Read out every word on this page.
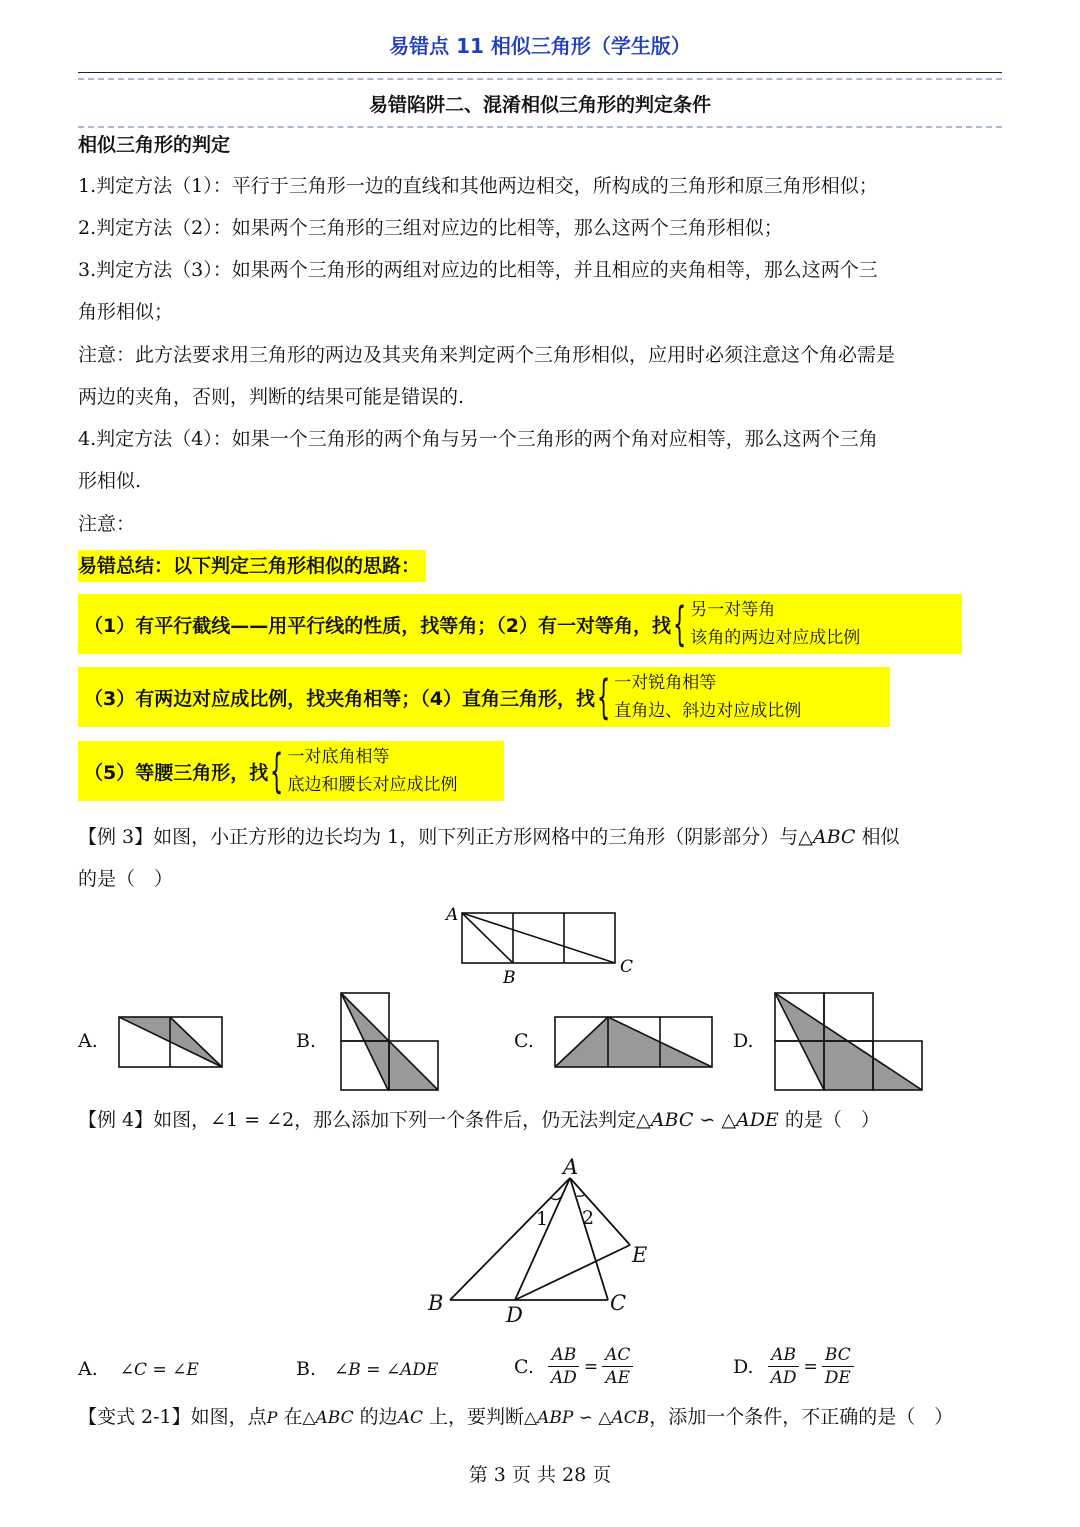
易错点 11 相似三角形（学生版）
易错陷阱二、混淆相似三角形的判定条件
相似三角形的判定
1.判定方法（1）：平行于三角形一边的直线和其他两边相交，所构成的三角形和原三角形相似；
2.判定方法（2）：如果两个三角形的三组对应边的比相等，那么这两个三角形相似；
3.判定方法（3）：如果两个三角形的两组对应边的比相等，并且相应的夹角相等，那么这两个三
角形相似；
注意：此方法要求用三角形的两边及其夹角来判定两个三角形相似，应用时必须注意这个角必需是
两边的夹角，否则，判断的结果可能是错误的.
4.判定方法（4）：如果一个三角形的两个角与另一个三角形的两个角对应相等，那么这两个三角
形相似.
注意：
易错总结：以下判定三角形相似的思路：
（1）有平行截线——用平行线的性质，找等角；（2）有一对等角，找 { 另一对等角
该角的两边对应成比例
（3）有两边对应成比例，找夹角相等；（4）直角三角形，找 { 一对锐角相等
直角边、斜边对应成比例
（5）等腰三角形，找 { 一对底角相等
底边和腰长对应成比例
【例 3】如图，小正方形的边长均为 1，则下列正方形网格中的三角形（阴影部分）与△ABC 相似
的是（　）
A
B
C
A.	B.	C.	D.
【例 4】如图，∠1 = ∠2，那么添加下列一个条件后，仍无法判定△ABC ∽ △ADE 的是（　）
A
B	C
D
E
1 2
A. ∠C = ∠E	B. ∠B = ∠ADE	C. $\frac{AB}{AD} = \frac{AC}{AE}$	D. $\frac{AB}{AD} = \frac{BC}{DE}$
【变式 2-1】如图，点P 在△ABC 的边AC 上，要判断△ABP ∽ △ACB，添加一个条件，不正确的是（　）
第 3 页 共 28 页
